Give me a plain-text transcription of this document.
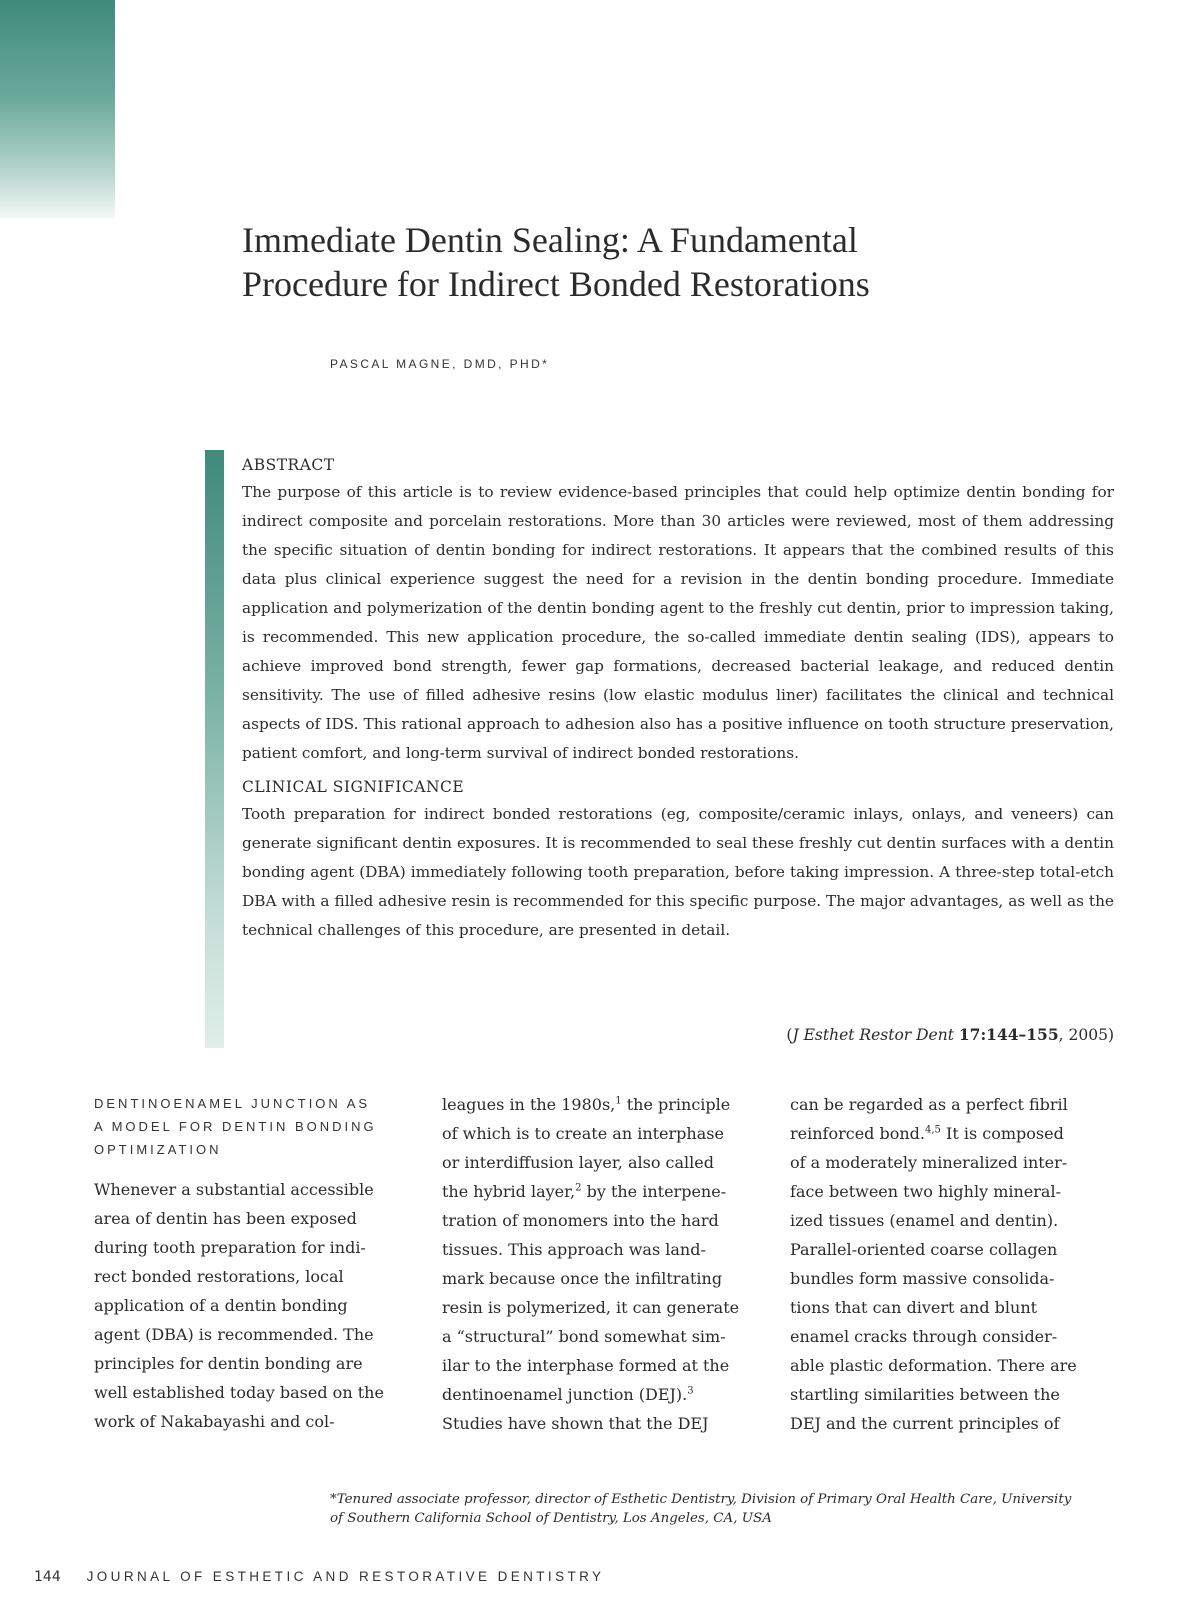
Immediate Dentin Sealing: A Fundamental
Procedure for Indirect Bonded Restorations
PASCAL MAGNE, DMD, PHD*
ABSTRACT

The purpose of this article is to review evidence-based principles that could help optimize dentin bonding for indirect composite and porcelain restorations. More than 30 articles were reviewed, most of them addressing the specific situation of dentin bonding for indirect restorations. It appears that the combined results of this data plus clinical experience suggest the need for a revision in the dentin bonding procedure. Immediate application and polymerization of the dentin bonding agent to the freshly cut dentin, prior to impression taking, is recommended. This new application procedure, the so-called immediate dentin sealing (IDS), appears to achieve improved bond strength, fewer gap formations, decreased bacterial leakage, and reduced dentin sensitivity. The use of filled adhesive resins (low elastic modulus liner) facilitates the clinical and technical aspects of IDS. This rational approach to adhesion also has a positive influence on tooth structure preservation, patient comfort, and long-term survival of indirect bonded restorations.

CLINICAL SIGNIFICANCE

Tooth preparation for indirect bonded restorations (eg, composite/ceramic inlays, onlays, and veneers) can generate significant dentin exposures. It is recommended to seal these freshly cut dentin surfaces with a dentin bonding agent (DBA) immediately following tooth preparation, before taking impression. A three-step total-etch DBA with a filled adhesive resin is recommended for this specific purpose. The major advantages, as well as the technical challenges of this procedure, are presented in detail.

(J Esthet Restor Dent 17:144–155, 2005)
DENTINOENAMEL JUNCTION AS
A MODEL FOR DENTIN BONDING
OPTIMIZATION

Whenever a substantial accessible
area of dentin has been exposed
during tooth preparation for indi-
rect bonded restorations, local
application of a dentin bonding
agent (DBA) is recommended. The
principles for dentin bonding are
well established today based on the
work of Nakabayashi and col-

leagues in the 1980s,$^1$ the principle
of which is to create an interphase
or interdiffusion layer, also called
the hybrid layer,$^2$ by the interpene-
tration of monomers into the hard
tissues. This approach was land-
mark because once the infiltrating
resin is polymerized, it can generate
a “structural” bond somewhat sim-
ilar to the interphase formed at the
dentinoenamel junction (DEJ).$^3$
Studies have shown that the DEJ

can be regarded as a perfect fibril
reinforced bond.$^{4,5}$ It is composed
of a moderately mineralized inter-
face between two highly mineral-
ized tissues (enamel and dentin).
Parallel-oriented coarse collagen
bundles form massive consolida-
tions that can divert and blunt
enamel cracks through consider-
able plastic deformation. There are
startling similarities between the
DEJ and the current principles of

*Tenured associate professor, director of Esthetic Dentistry, Division of Primary Oral Health Care, University
of Southern California School of Dentistry, Los Angeles, CA, USA
144 JOURNAL OF ESTHETIC AND RESTORATIVE DENTISTRY
